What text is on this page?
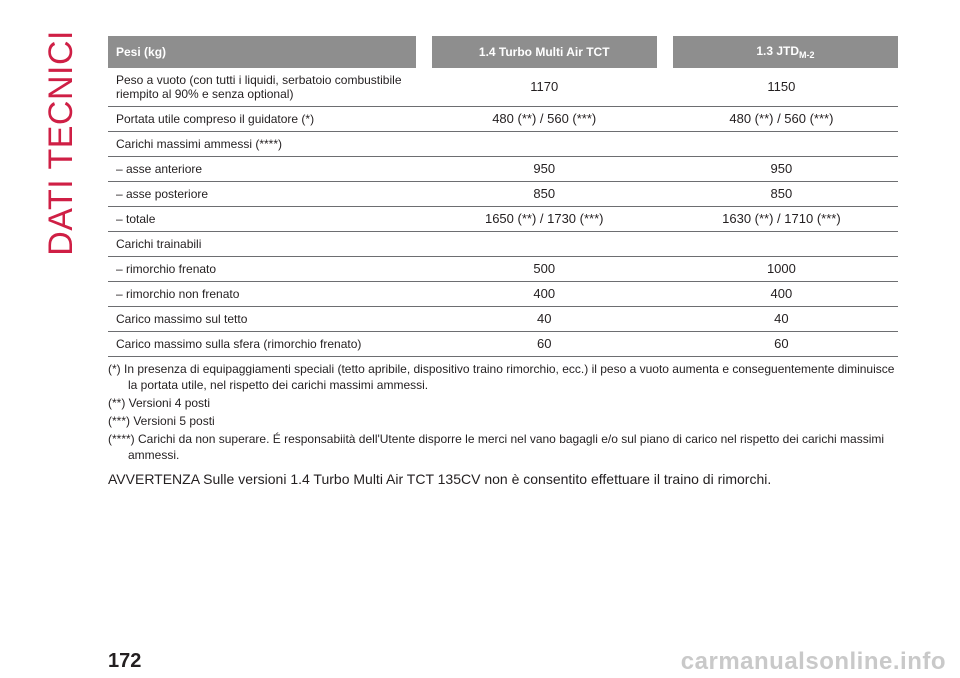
DATI TECNICI	Pesi (kg)	1.4 Turbo Multi Air TCT	1.3 $JTD_{M-2}$
Peso a vuoto (con tutti i liquidi, serbatoio combustibile riempito al 90% e senza optional)	1170	1150
Portata utile compreso il guidatore (*)	480 (**) / 560 (***)	480 (**) / 560 (***)
Carichi massimi ammessi (****)		
– asse anteriore	950	950
– asse posteriore	850	850
– totale	1650 (**) / 1730 (***)	1630 (**) / 1710 (***)
Carichi trainabili		
– rimorchio frenato	500	1000
– rimorchio non frenato	400	400
Carico massimo sul tetto	40	40
Carico massimo sulla sfera (rimorchio frenato)	60	60

(*) In presenza di equipaggiamenti speciali (tetto apribile, dispositivo traino rimorchio, ecc.) il peso a vuoto aumenta e conseguentemente diminuisce la portata utile, nel rispetto dei carichi massimi ammessi.

(**) Versioni 4 posti

(***) Versioni 5 posti

(****) Carichi da non superare. É responsabiità dell'Utente disporre le merci nel vano bagagli e/o sul piano di carico nel rispetto dei carichi massimi ammessi.

AVVERTENZA Sulle versioni 1.4 Turbo Multi Air TCT 135CV non è consentito effettuare il traino di rimorchi.
172	carmanualsonline.info
